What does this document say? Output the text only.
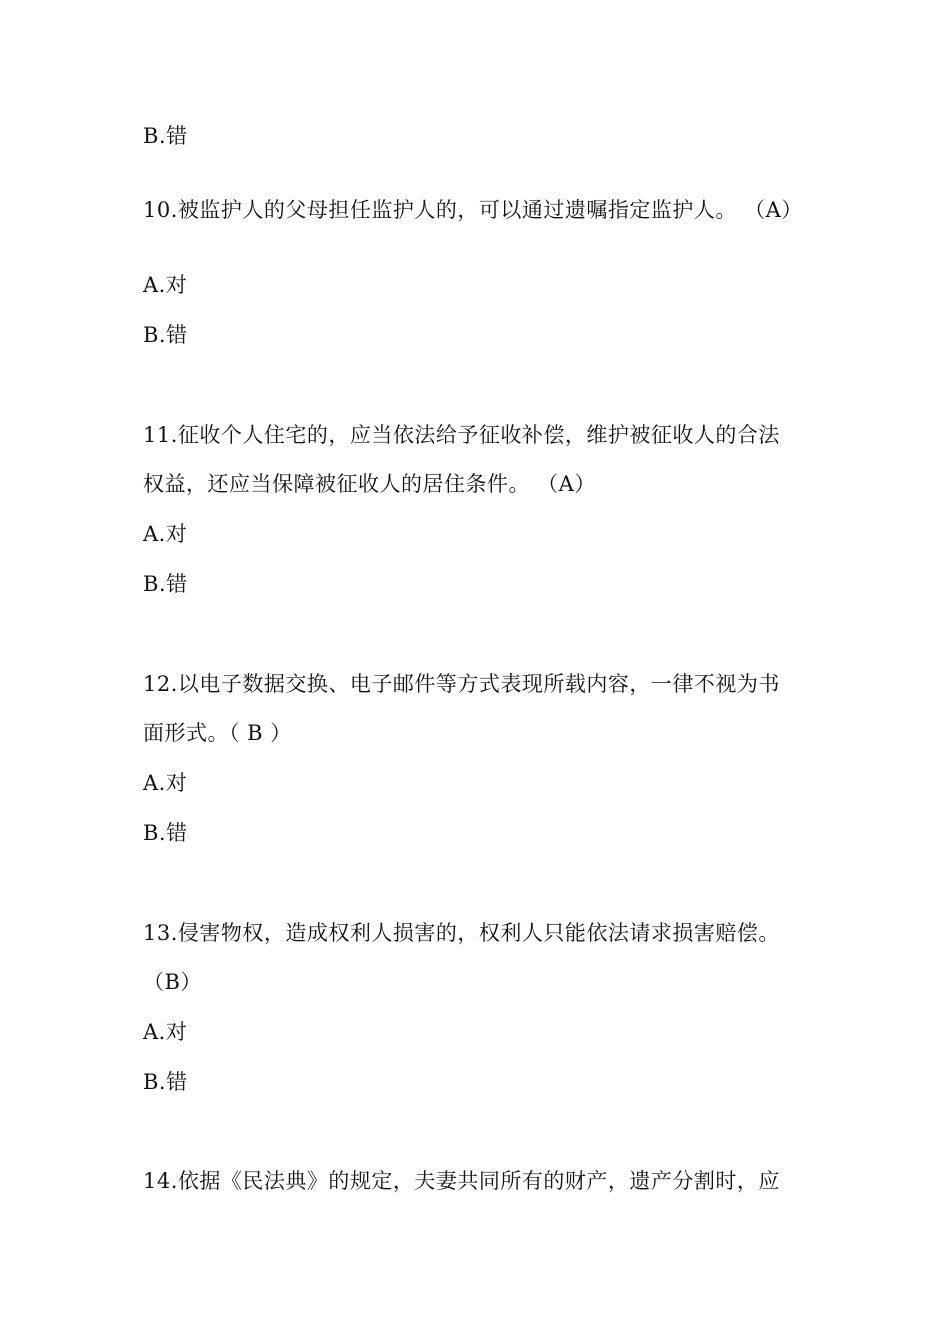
B.错
10.被监护人的父母担任监护人的，可以通过遗嘱指定监护人。 （A）
A.对
B.错
11.征收个人住宅的，应当依法给予征收补偿，维护被征收人的合法
权益，还应当保障被征收人的居住条件。 （A）
A.对
B.错
12.以电子数据交换、电子邮件等方式表现所载内容，一律不视为书
面形式。（ B ）
A.对
B.错
13.侵害物权，造成权利人损害的，权利人只能依法请求损害赔偿。
（B）
A.对
B.错
14.依据《民法典》的规定，夫妻共同所有的财产，遗产分割时，应
